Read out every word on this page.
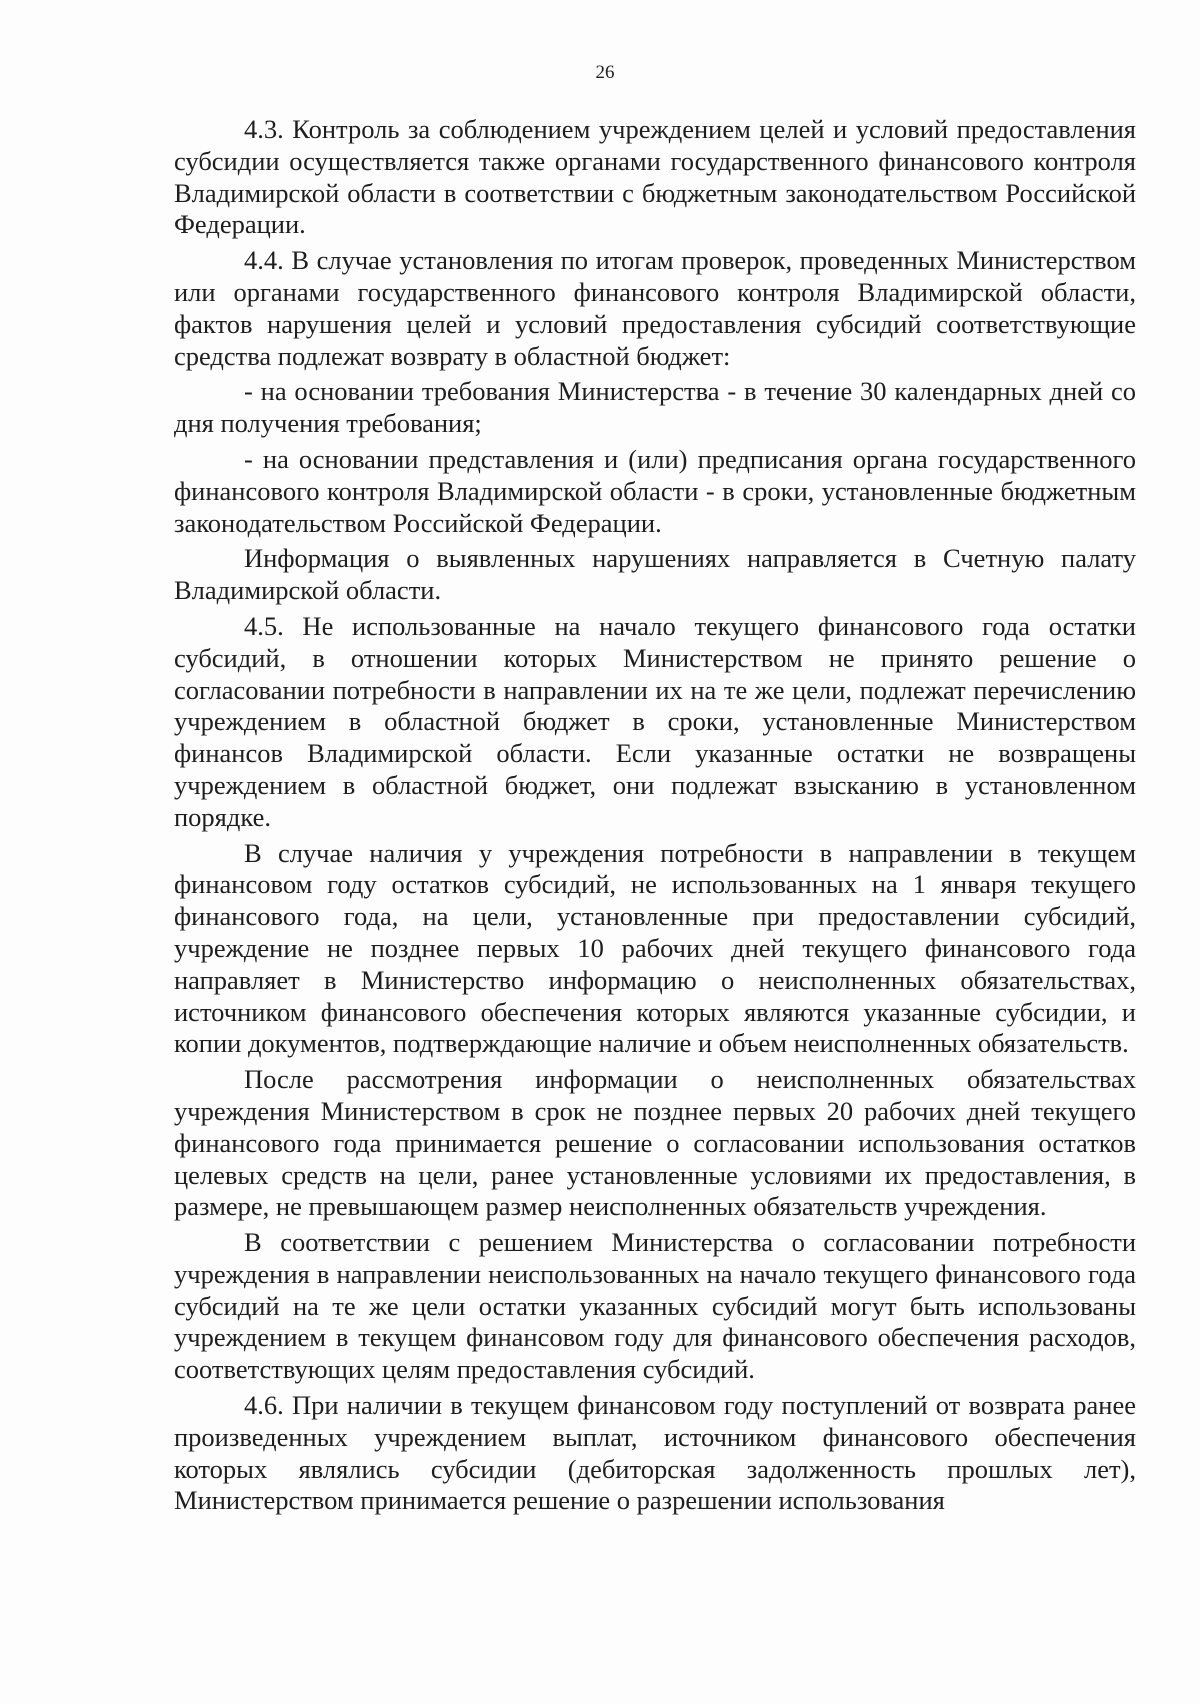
26

4.3. Контроль за соблюдением учреждением целей и условий предоставления субсидии осуществляется также органами государственного финансового контроля Владимирской области в соответствии с бюджетным законодательством Российской Федерации.

4.4. В случае установления по итогам проверок, проведенных Министерством или органами государственного финансового контроля Владимирской области, фактов нарушения целей и условий предоставления субсидий соответствующие средства подлежат возврату в областной бюджет:

- на основании требования Министерства - в течение 30 календарных дней со дня получения требования;

- на основании представления и (или) предписания органа государственного финансового контроля Владимирской области - в сроки, установленные бюджетным законодательством Российской Федерации.

Информация о выявленных нарушениях направляется в Счетную палату Владимирской области.

4.5. Не использованные на начало текущего финансового года остатки субсидий, в отношении которых Министерством не принято решение о согласовании потребности в направлении их на те же цели, подлежат перечислению учреждением в областной бюджет в сроки, установленные Министерством финансов Владимирской области. Если указанные остатки не возвращены учреждением в областной бюджет, они подлежат взысканию в установленном порядке.

В случае наличия у учреждения потребности в направлении в текущем финансовом году остатков субсидий, не использованных на 1 января текущего финансового года, на цели, установленные при предоставлении субсидий, учреждение не позднее первых 10 рабочих дней текущего финансового года направляет в Министерство информацию о неисполненных обязательствах, источником финансового обеспечения которых являются указанные субсидии, и копии документов, подтверждающие наличие и объем неисполненных обязательств.

После рассмотрения информации о неисполненных обязательствах учреждения Министерством в срок не позднее первых 20 рабочих дней текущего финансового года принимается решение о согласовании использования остатков целевых средств на цели, ранее установленные условиями их предоставления, в размере, не превышающем размер неисполненных обязательств учреждения.

В соответствии с решением Министерства о согласовании потребности учреждения в направлении неиспользованных на начало текущего финансового года субсидий на те же цели остатки указанных субсидий могут быть использованы учреждением в текущем финансовом году для финансового обеспечения расходов, соответствующих целям предоставления субсидий.

4.6. При наличии в текущем финансовом году поступлений от возврата ранее произведенных учреждением выплат, источником финансового обеспечения которых являлись субсидии (дебиторская задолженность прошлых лет), Министерством принимается решение о разрешении использования
